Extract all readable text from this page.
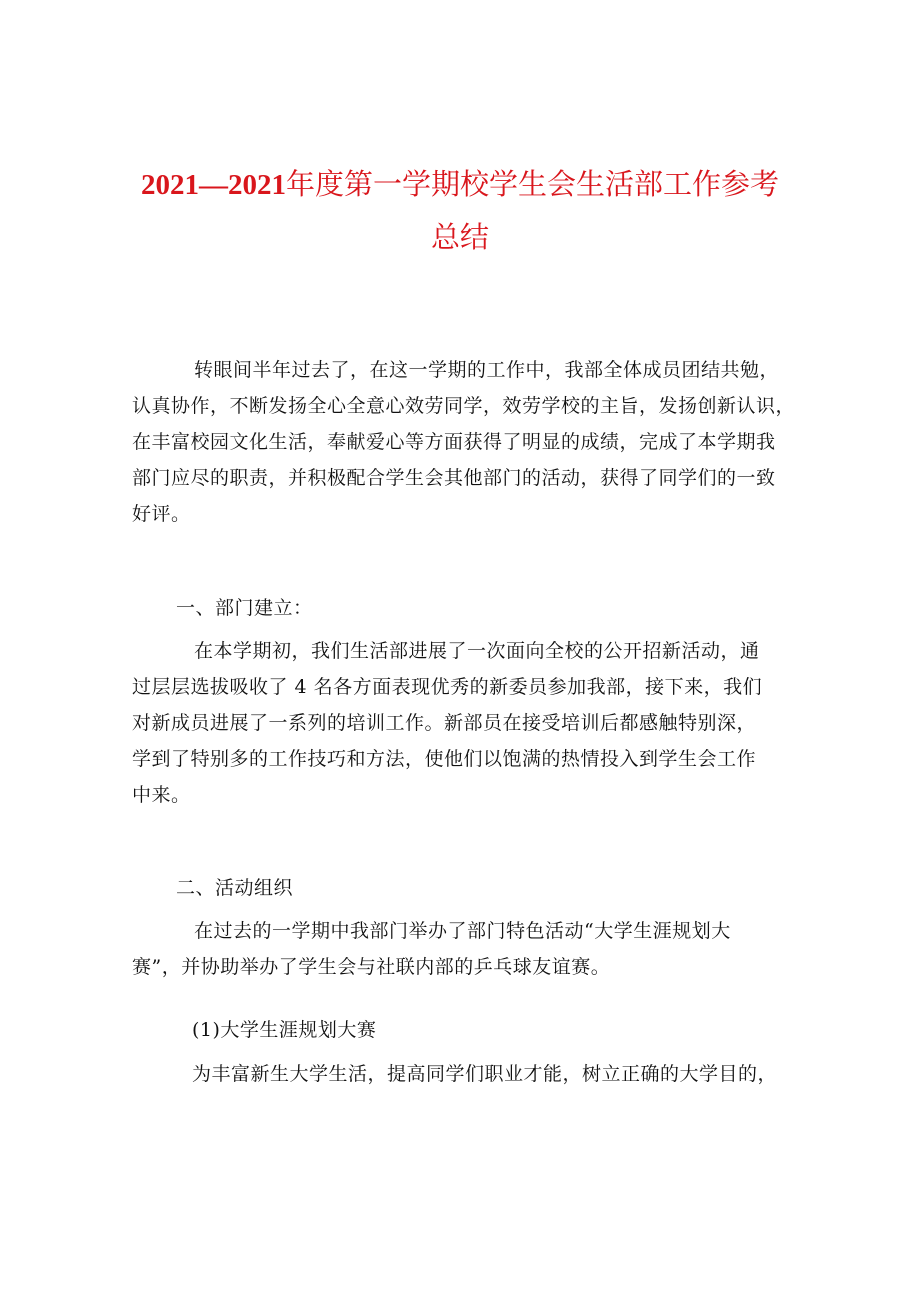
2021—2021年度第一学期校学生会生活部工作参考
总结

转眼间半年过去了，在这一学期的工作中，我部全体成员团结共勉，
认真协作，不断发扬全心全意心效劳同学，效劳学校的主旨，发扬创新认识，
在丰富校园文化生活，奉献爱心等方面获得了明显的成绩，完成了本学期我
部门应尽的职责，并积极配合学生会其他部门的活动，获得了同学们的一致
好评。

一、部门建立：

在本学期初，我们生活部进展了一次面向全校的公开招新活动，通
过层层选拔吸收了 4 名各方面表现优秀的新委员参加我部，接下来，我们
对新成员进展了一系列的培训工作。新部员在接受培训后都感触特别深，
学到了特别多的工作技巧和方法，使他们以饱满的热情投入到学生会工作
中来。

二、活动组织

在过去的一学期中我部门举办了部门特色活动“大学生涯规划大
赛”，并协助举办了学生会与社联内部的乒乓球友谊赛。

(1)大学生涯规划大赛

为丰富新生大学生活，提高同学们职业才能，树立正确的大学目的，
